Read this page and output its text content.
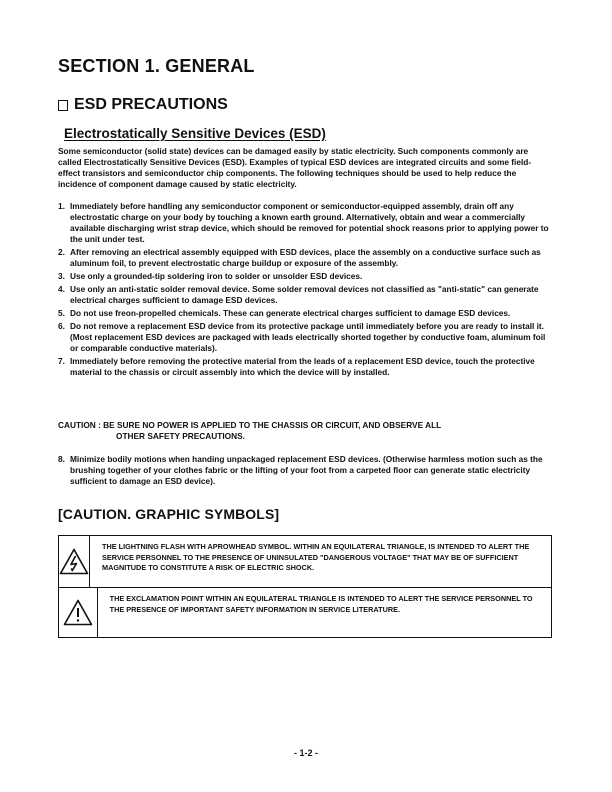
SECTION 1. GENERAL
ESD PRECAUTIONS
Electrostatically Sensitive Devices (ESD)

Some semiconductor (solid state) devices can be damaged easily by static electricity. Such components commonly are called Electrostatically Sensitive Devices (ESD). Examples of typical ESD devices are integrated circuits and some field-effect transistors and semiconductor chip components. The following techniques should be used to help reduce the incidence of component damage caused by static electricity.

1. Immediately before handling any semiconductor component or semiconductor-equipped assembly, drain off any electrostatic charge on your body by touching a known earth ground. Alternatively, obtain and wear a commercially available discharging wrist strap device, which should be removed for potential shock reasons prior to applying power to the unit under test.
2. After removing an electrical assembly equipped with ESD devices, place the assembly on a conductive surface such as aluminum foil, to prevent electrostatic charge buildup or exposure of the assembly.
3. Use only a grounded-tip soldering iron to solder or unsolder ESD devices.
4. Use only an anti-static solder removal device. Some solder removal devices not classified as "anti-static" can generate electrical charges sufficient to damage ESD devices.
5. Do not use freon-propelled chemicals. These can generate electrical charges sufficient to damage ESD devices.
6. Do not remove a replacement ESD device from its protective package until immediately before you are ready to install it. (Most replacement ESD devices are packaged with leads electrically shorted together by conductive foam, aluminum foil or comparable conductive materials).
7. Immediately before removing the protective material from the leads of a replacement ESD device, touch the protective material to the chassis or circuit assembly into which the device will by installed.

CAUTION : BE SURE NO POWER IS APPLIED TO THE CHASSIS OR CIRCUIT, AND OBSERVE ALL
OTHER SAFETY PRECAUTIONS.

8. Minimize bodily motions when handing unpackaged replacement ESD devices. (Otherwise harmless motion such as the brushing together of your clothes fabric or the lifting of your foot from a carpeted floor can generate static electricity sufficient to damage an ESD device).
[CAUTION. GRAPHIC SYMBOLS]
THE LIGHTNING FLASH WITH APROWHEAD SYMBOL. WITHIN AN EQUILATERAL TRIANGLE, IS INTENDED TO ALERT THE SERVICE PERSONNEL TO THE PRESENCE OF UNINSULATED "DANGEROUS VOLTAGE" THAT MAY BE OF SUFFICIENT MAGNITUDE TO CONSTITUTE A RISK OF ELECTRIC SHOCK.
THE EXCLAMATION POINT WITHIN AN EQUILATERAL TRIANGLE IS INTENDED TO ALERT THE SERVICE PERSONNEL TO THE PRESENCE OF IMPORTANT SAFETY INFORMATION IN SERVICE LITERATURE.

- 1-2 -
